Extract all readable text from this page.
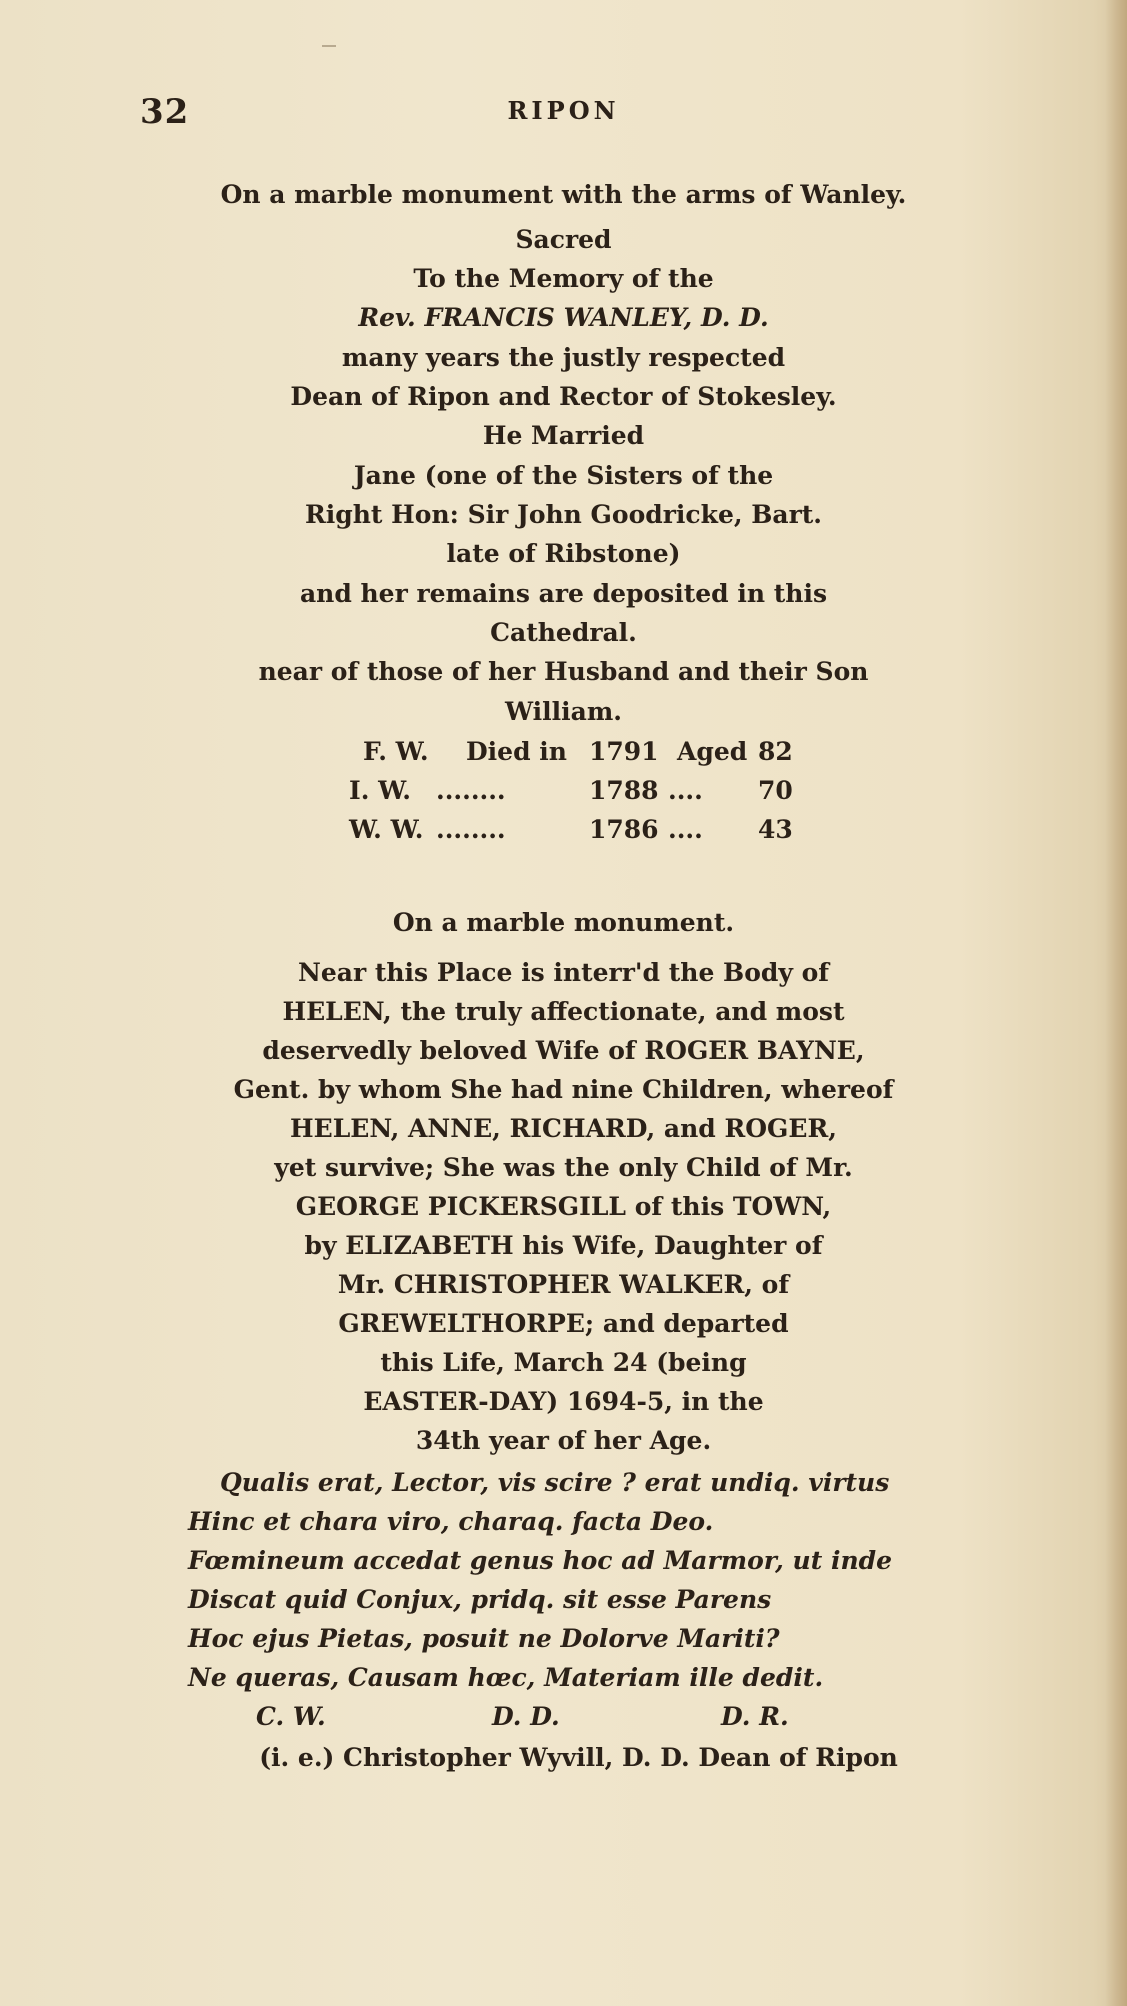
32	RIPON
On a marble monument with the arms of Wanley.
Sacred
To the Memory of the
Rev. FRANCIS WANLEY, D. D.
many years the justly respected
Dean of Ripon and Rector of Stokesley.
He Married
Jane (one of the Sisters of the
Right Hon: Sir John Goodricke, Bart.
late of Ribstone)
and her remains are deposited in this
Cathedral.
near of those of her Husband and their Son
William.
F. W. Died in 1791 Aged 82
I. W. ........	1788 .... 70
W. W. ........	1786 .... 43
On a marble monument.
Near this Place is interr'd the Body of
HELEN, the truly affectionate, and most
deservedly beloved Wife of ROGER BAYNE,
Gent. by whom She had nine Children, whereof
HELEN, ANNE, RICHARD, and ROGER,
yet survive; She was the only Child of Mr.
GEORGE PICKERSGILL of this TOWN,
by ELIZABETH his Wife, Daughter of
Mr. CHRISTOPHER WALKER, of
GREWELTHORPE; and departed
this Life, March 24 (being
EASTER-DAY) 1694-5, in the
34th year of her Age.
Qualis erat, Lector, vis scire ? erat undiq. virtus
Hinc et chara viro, charaq. facta Deo.
Fœmineum accedat genus hoc ad Marmor, ut inde
Discat quid Conjux, pridq. sit esse Parens
Hoc ejus Pietas, posuit ne Dolorve Mariti?
Ne queras, Causam hœc, Materiam ille dedit.
C. W.	D. D.	D. R.
(i. e.) Christopher Wyvill, D. D. Dean of Ripon
